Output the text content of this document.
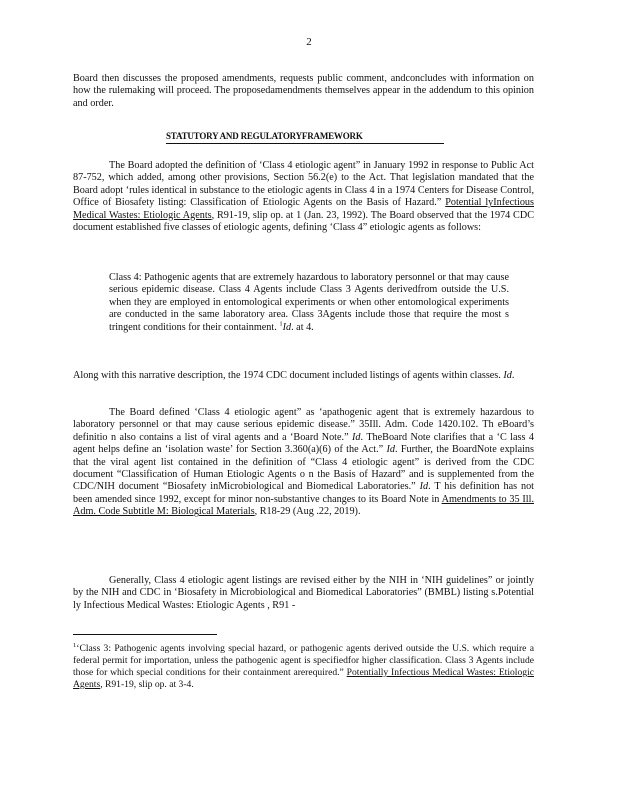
2
Board then discusses the proposed amendments, requests public comment, andconcludes with information on how the rulemaking will proceed. The proposedamendments themselves appear in the addendum to this opinion and order.
STATUTORY AND REGULATORYFRAMEWORK
The Board adopted the definition of ‘Class 4 etiologic agent” in January 1992 in response to Public Act 87-752, which added, among other provisions, Section 56.2(e) to the Act. That legislation mandated that the Board adopt ‘rules identical in substance to the etiologic agents in Class 4 in a 1974 Centers for Disease Control, Office of Biosafety listing: Classification of Etiologic Agents on the Basis of Hazard.” Potential lyInfectious Medical Wastes: Etiologic Agents, R91-19, slip op. at 1 (Jan. 23, 1992). The Board observed that the 1974 CDC document established five classes of etiologic agents, defining ‘Class 4” etiologic agents as follows:
Class 4: Pathogenic agents that are extremely hazardous to laboratory personnel or that may cause serious epidemic disease. Class 4 Agents include Class 3 Agents derivedfrom outside the U.S. when they are employed in entomological experiments or when other entomological experiments are conducted in the same laboratory area. Class 3Agents include those that require the most s tringent conditions for their containment. $^1$Id. at 4.
Along with this narrative description, the 1974 CDC document included listings of agents within classes. Id.
The Board defined ‘Class 4 etiologic agent” as ‘apathogenic agent that is extremely hazardous to laboratory personnel or that may cause serious epidemic disease.” 35Ill. Adm. Code 1420.102. Th eBoard’s definitio n also contains a list of viral agents and a ‘Board Note.” Id. TheBoard Note clarifies that a ‘C lass 4 agent helps define an ‘isolation waste’ for Section 3.360(a)(6) of the Act.” Id. Further, the BoardNote explains that the viral agent list contained in the definition of “Class 4 etiologic agent” is derived from the CDC document “Classification of Human Etiologic Agents o n the Basis of Hazard” and is supplemented from the CDC/NIH document “Biosafety inMicrobiological and Biomedical Laboratories.” Id. T his definition has not been amended since 1992, except for minor non-substantive changes to its Board Note in Amendments to 35 Ill. Adm. Code Subtitle M: Biological Materials, R18-29 (Aug .22, 2019).
Generally, Class 4 etiologic agent listings are revised either by the NIH in ‘NIH guidelines” or jointly by the NIH and CDC in ‘Biosafety in Microbiological and Biomedical Laboratories” (BMBL) listing s.Potential ly Infectious Medical Wastes: Etiologic Agents , R91 -
$^1$‘Class 3: Pathogenic agents involving special hazard, or pathogenic agents derived outside the U.S. which require a federal permit for importation, unless the pathogenic agent is specifiedfor higher classification. Class 3 Agents include those for which special conditions for their containment arerequired.” Potentially Infectious Medical Wastes: Etiologic Agents, R91-19, slip op. at 3-4.
